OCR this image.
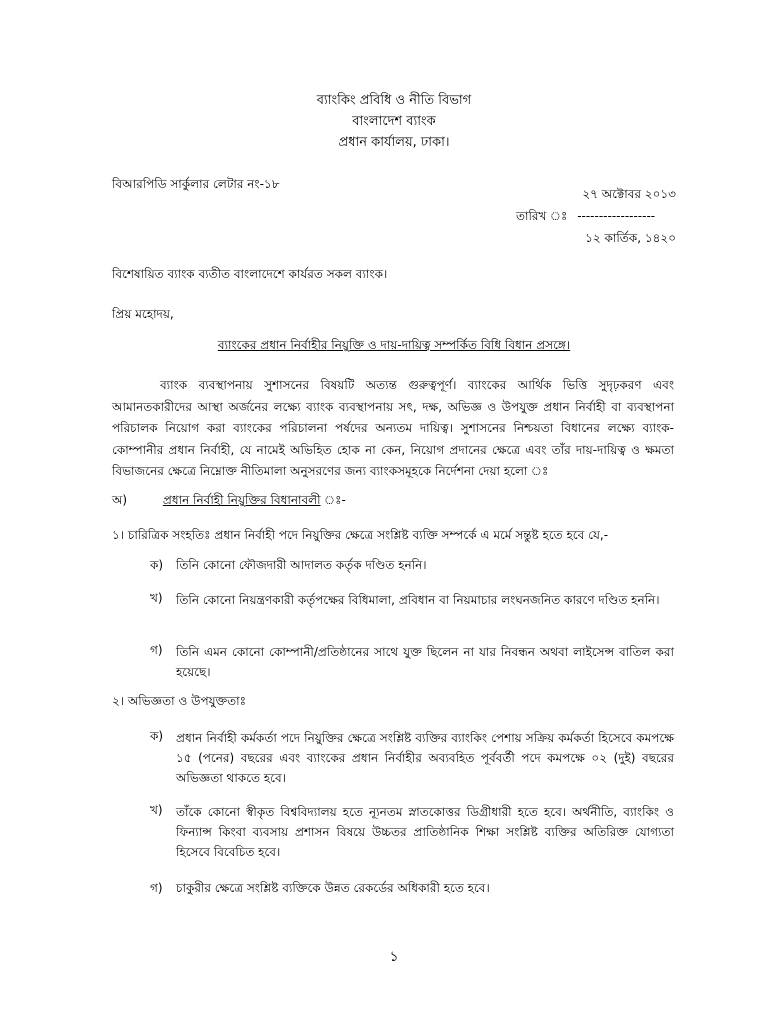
ব্যাংকিং প্রবিধি ও নীতি বিভাগ
বাংলাদেশ ব্যাংক
প্রধান কার্যালয়, ঢাকা।
বিআরপিডি সার্কুলার লেটার নং-১৮
২৭ অক্টোবর ২০১৩
তারিখ ঃ ------------------
১২ কার্তিক, ১৪২০
বিশেষায়িত ব্যাংক ব্যতীত বাংলাদেশে কার্যরত সকল ব্যাংক।
প্রিয় মহোদয়,
ব্যাংকের প্রধান নির্বাহীর নিয়ুক্তি ও দায়-দায়িত্ব সম্পর্কিত বিধি বিধান প্রসঙ্গে।
ব্যাংক ব্যবস্থাপনায় সুশাসনের বিষয়টি অত্যন্ত গুরুত্বপূর্ণ। ব্যাংকের আর্থিক ভিত্তি সুদৃঢ়করণ এবং আমানতকারীদের আস্থা অর্জনের লক্ষ্যে ব্যাংক ব্যবস্থাপনায় সৎ, দক্ষ, অভিজ্ঞ ও উপযুক্ত প্রধান নির্বাহী বা ব্যবস্থাপনা পরিচালক নিয়োগ করা ব্যাংকের পরিচালনা পর্ষদের অন্যতম দায়িত্ব। সুশাসনের নিশ্চয়তা বিধানের লক্ষ্যে ব্যাংক-কোম্পানীর প্রধান নির্বাহী, যে নামেই অভিহিত হোক না কেন, নিয়োগ প্রদানের ক্ষেত্রে এবং তাঁর দায়-দায়িত্ব ও ক্ষমতা বিভাজনের ক্ষেত্রে নিম্নোক্ত নীতিমালা অনুসরণের জন্য ব্যাংকসমূহকে নির্দেশনা দেয়া হলো ঃ
অ)	প্রধান নির্বাহী নিয়ুক্তির বিধানাবলী ঃ-
১। চারিত্রিক সংহতিঃ প্রধান নির্বাহী পদে নিয়ুক্তির ক্ষেত্রে সংশ্লিষ্ট ব্যক্তি সম্পর্কে এ মর্মে সন্তুষ্ট হতে হবে যে,-
ক) তিনি কোনো ফৌজদারী আদালত কর্তৃক দণ্ডিত হননি।
খ) তিনি কোনো নিয়ন্ত্রণকারী কর্তৃপক্ষের বিধিমালা, প্রবিধান বা নিয়মাচার লংঘনজনিত কারণে দণ্ডিত হননি।
গ) তিনি এমন কোনো কোম্পানী/প্রতিষ্ঠানের সাথে যুক্ত ছিলেন না যার নিবন্ধন অথবা লাইসেন্স বাতিল করা হয়েছে।
২। অভিজ্ঞতা ও উপযুক্ততাঃ
ক) প্রধান নির্বাহী কর্মকর্তা পদে নিয়ুক্তির ক্ষেত্রে সংশ্লিষ্ট ব্যক্তির ব্যাংকিং পেশায় সক্রিয় কর্মকর্তা হিসেবে কমপক্ষে ১৫ (পনের) বছরের এবং ব্যাংকের প্রধান নির্বাহীর অব্যবহিত পূর্ববর্তী পদে কমপক্ষে ০২ (দুই) বছরের অভিজ্ঞতা থাকতে হবে।
খ) তাঁকে কোনো স্বীকৃত বিশ্ববিদ্যালয় হতে ন্যূনতম স্নাতকোত্তর ডিগ্রীধারী হতে হবে। অর্থনীতি, ব্যাংকিং ও ফিন্যান্স কিংবা ব্যবসায় প্রশাসন বিষয়ে উচ্চতর প্রাতিষ্ঠানিক শিক্ষা সংশ্লিষ্ট ব্যক্তির অতিরিক্ত যোগ্যতা হিসেবে বিবেচিত হবে।
গ) চাকুরীর ক্ষেত্রে সংশ্লিষ্ট ব্যক্তিকে উন্নত রেকর্ডের অধিকারী হতে হবে।
১
